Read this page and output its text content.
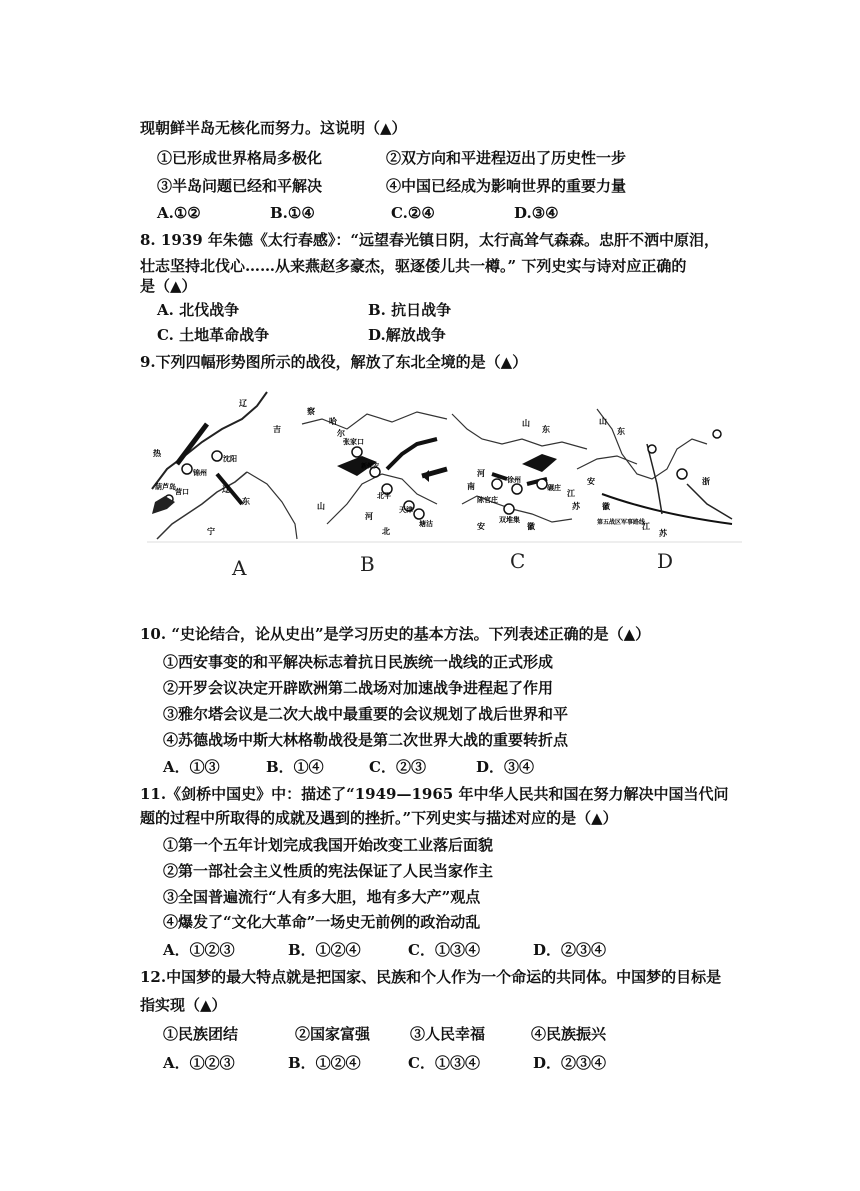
现朝鲜半岛无核化而努力。这说明（▲）
①已形成世界格局多极化	②双方向和平进程迈出了历史性一步
③半岛问题已经和平解决	④中国已经成为影响世界的重要力量
A.①②	B.①④	C.②④	D.③④
8. 1939 年朱德《太行春感》：“远望春光镇日阴，太行高耸气森森。忠肝不洒中原泪，
壮志坚持北伐心……从来燕赵多豪杰，驱逐倭儿共一樽。” 下列史实与诗对应正确的
是（▲）
A. 北伐战争	B. 抗日战争
C. 土地革命战争	D.解放战争
9.下列四幅形势图所示的战役，解放了东北全境的是（▲）
辽
吉
沈阳
锦州
营口
葫芦岛
宁
辽
东
热
张家口
新保安
北平
天津
塘沽
察
哈
尔
山
河
北
河
南
徐州
碾庄
陈官庄
双堆集
安	徽
江
苏
山
东
山
东
安
徽
江
苏
浙
第五战区军事路线
A	B	C	D
10. “史论结合，论从史出”是学习历史的基本方法。下列表述正确的是（▲）
①西安事变的和平解决标志着抗日民族统一战线的正式形成
②开罗会议决定开辟欧洲第二战场对加速战争进程起了作用
③雅尔塔会议是二次大战中最重要的会议规划了战后世界和平
④苏德战场中斯大林格勒战役是第二次世界大战的重要转折点
A．①③	B．①④	C．②③	D．③④
11.《剑桥中国史》中：描述了“1949—1965 年中华人民共和国在努力解决中国当代问
题的过程中所取得的成就及遇到的挫折。”下列史实与描述对应的是（▲）
①第一个五年计划完成我国开始改变工业落后面貌
②第一部社会主义性质的宪法保证了人民当家作主
③全国普遍流行“人有多大胆，地有多大产”观点
④爆发了“文化大革命”一场史无前例的政治动乱
A．①②③	B．①②④	C．①③④	D．②③④
12.中国梦的最大特点就是把国家、民族和个人作为一个命运的共同体。中国梦的目标是
指实现（▲）
①民族团结	②国家富强	③人民幸福	④民族振兴
A．①②③	B．①②④	C．①③④	D．②③④
